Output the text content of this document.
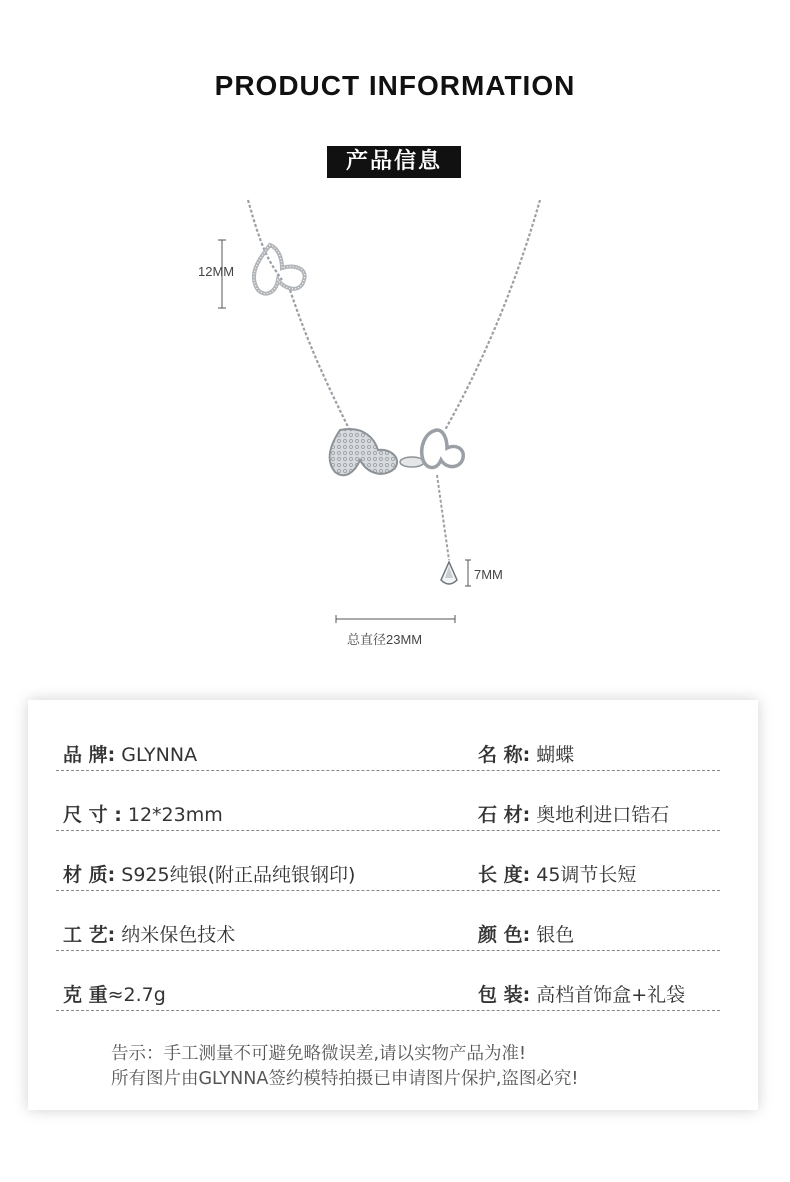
PRODUCT INFORMATION
产品信息
12MM
7MM
总直径23MM
品 牌: GLYNNA	名 称: 蝴蝶
尺 寸 : 12*23mm	石 材: 奥地利进口锆石
材 质: S925纯银(附正品纯银钢印)	长 度: 45调节长短
工 艺: 纳米保色技术	颜 色: 银色
克 重≈2.7g	包 装: 高档首饰盒+礼袋
告示：手工测量不可避免略微误差,请以实物产品为准!
所有图片由GLYNNA签约模特拍摄已申请图片保护,盗图必究!
